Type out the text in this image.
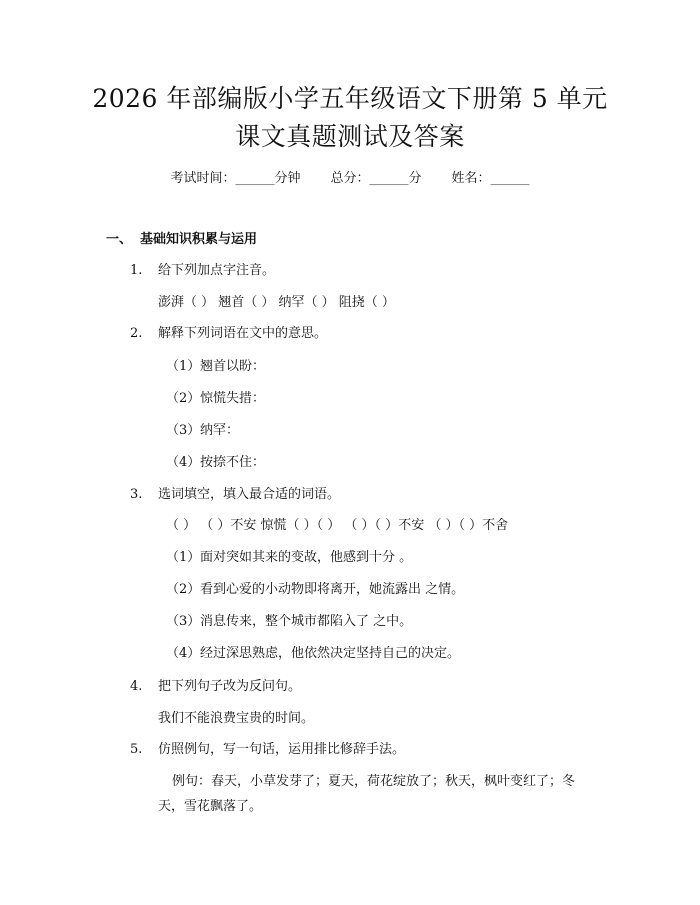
2026 年部编版小学五年级语文下册第 5 单元
课文真题测试及答案
考试时间：______分钟 总分：______分 姓名：______
一、 基础知识积累与运用
1. 给下列加点字注音。
澎湃（ ） 翘首（ ） 纳罕（ ） 阻挠（ ）
2. 解释下列词语在文中的意思。
（1） 翘首以盼：
（2） 惊慌失措：
（3） 纳罕：
（4） 按捺不住：
3. 选词填空，填入最合适的词语。
（ ） （ ）不安 惊慌（ ）（ ） （ ）（ ）不安 （ ）（ ）不舍
（1） 面对突如其来的变故，他感到十分 。
（2） 看到心爱的小动物即将离开，她流露出 之情。
（3） 消息传来，整个城市都陷入了 之中。
（4） 经过深思熟虑，他依然决定坚持自己的决定。
4. 把下列句子改为反问句。
我们不能浪费宝贵的时间。
5. 仿照例句，写一句话，运用排比修辞手法。
例句：春天，小草发芽了；夏天，荷花绽放了；秋天，枫叶变红了；冬
天，雪花飘落了。
